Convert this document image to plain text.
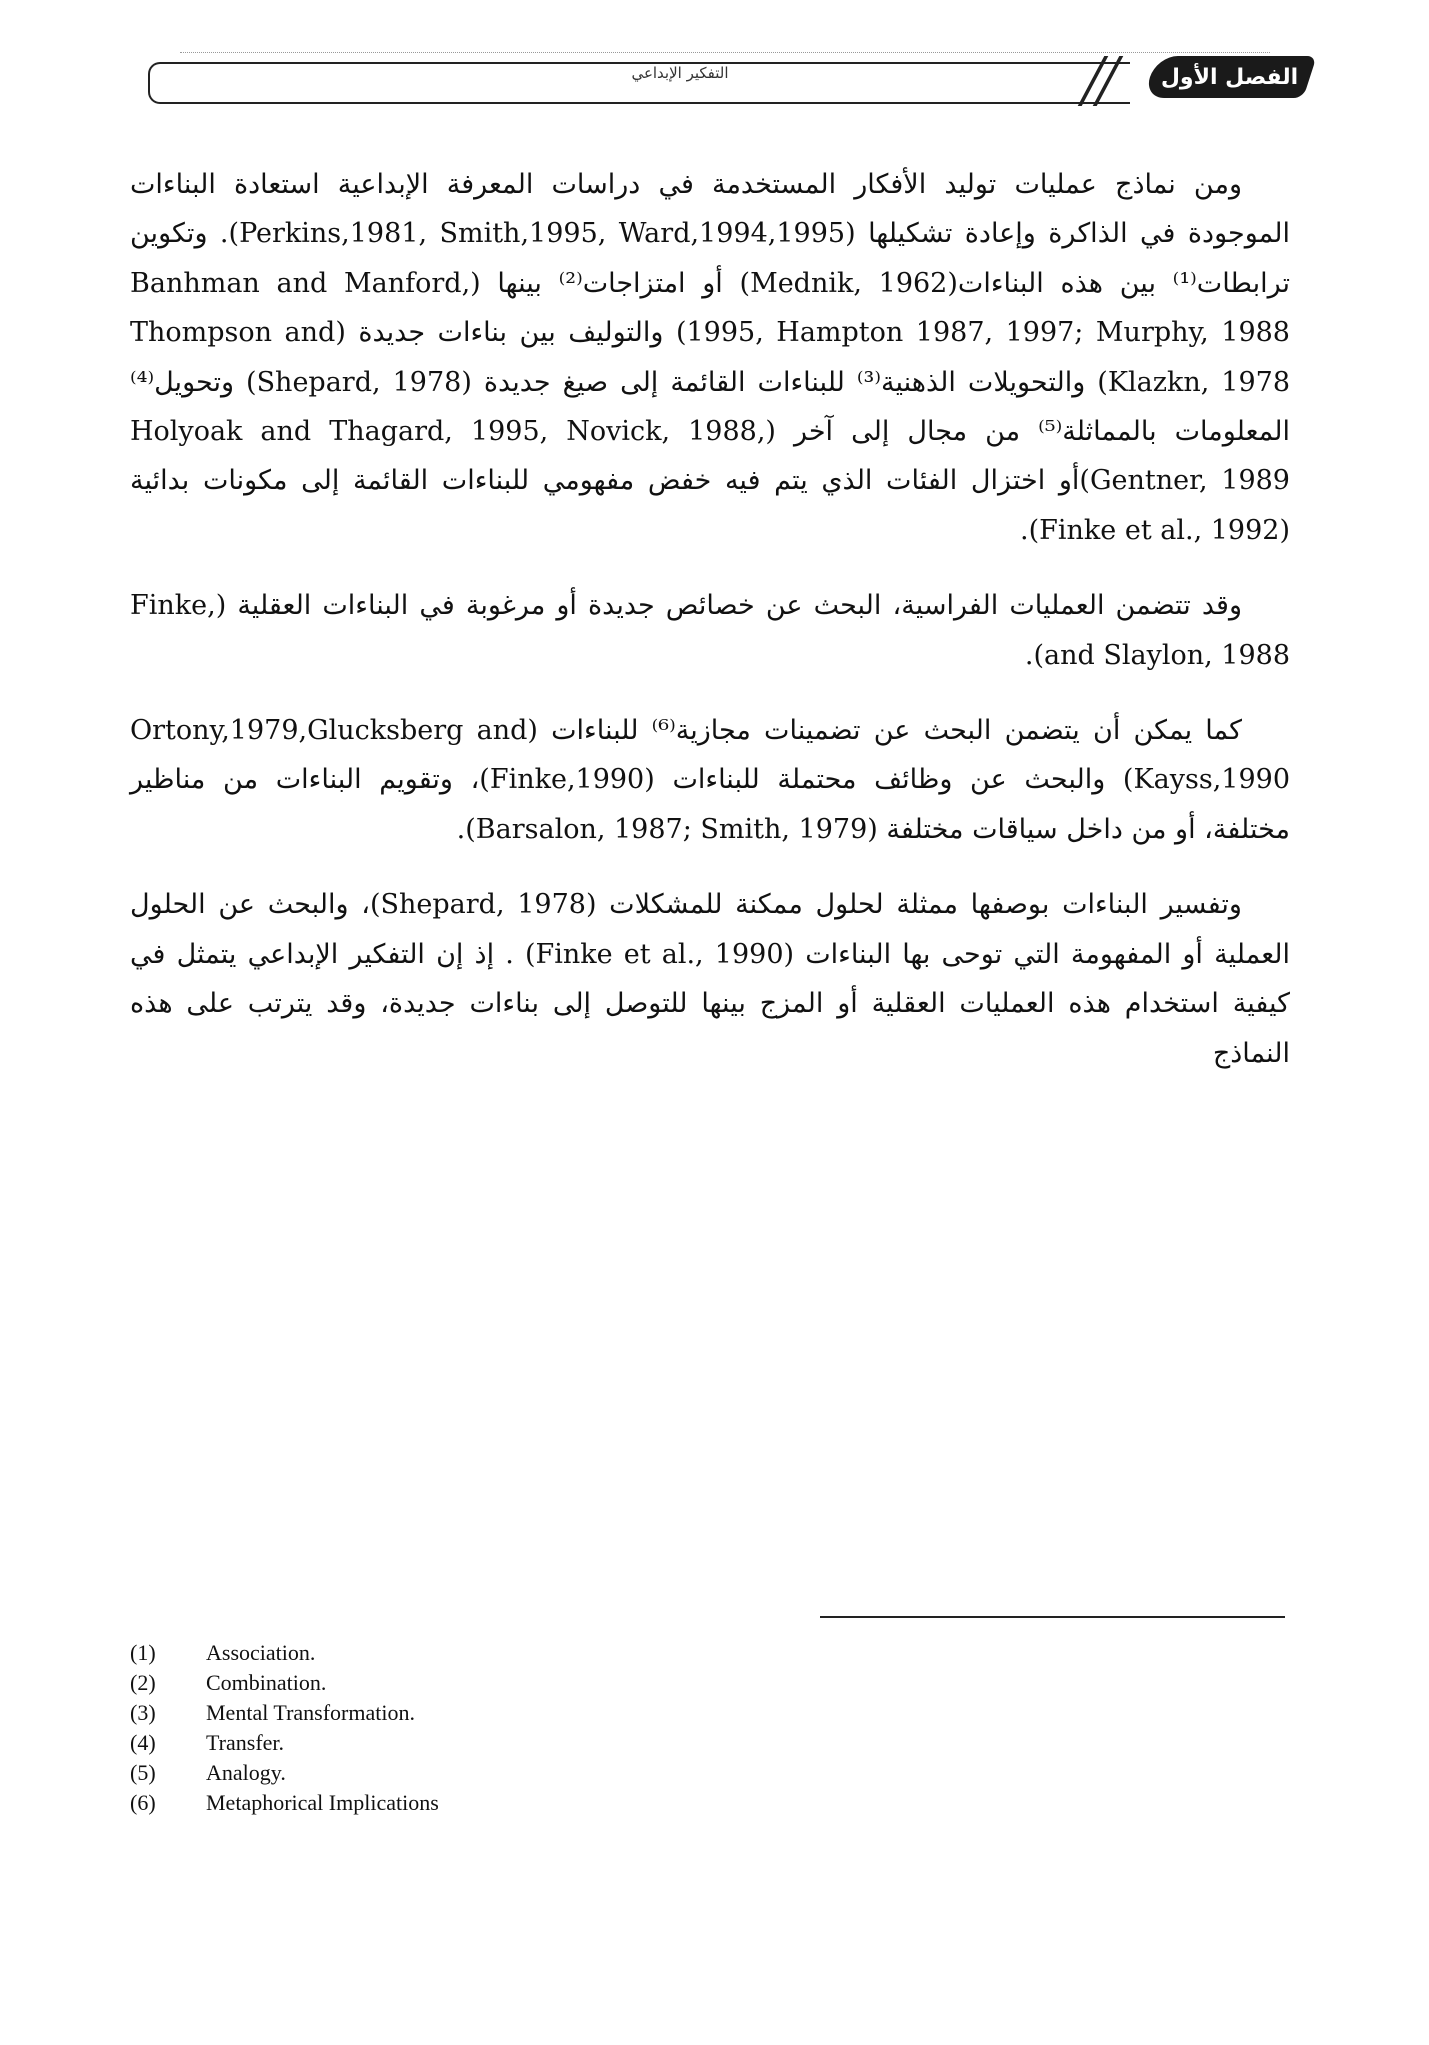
التفكير الإبداعي	الفصل الأول

ومن نماذج عمليات توليد الأفكار المستخدمة في دراسات المعرفة الإبداعية استعادة البناءات الموجودة في الذاكرة وإعادة تشكيلها (Perkins,1981, Smith,1995, Ward,1994,1995). وتكوين ترابطات⁽¹⁾ بين هذه البناءات(Mednik, 1962) أو امتزاجات⁽²⁾ بينها (Banhman and Manford, 1995, Hampton 1987, 1997; Murphy, 1988) والتوليف بين بناءات جديدة (Thompson and Klazkn, 1978) والتحويلات الذهنية⁽³⁾ للبناءات القائمة إلى صيغ جديدة (Shepard, 1978) وتحويل⁽⁴⁾ المعلومات بالمماثلة⁽⁵⁾ من مجال إلى آخر (Holyoak and Thagard, 1995, Novick, 1988, Gentner, 1989)أو اختزال الفئات الذي يتم فيه خفض مفهومي للبناءات القائمة إلى مكونات بدائية (Finke et al., 1992).

وقد تتضمن العمليات الفراسية، البحث عن خصائص جديدة أو مرغوبة في البناءات العقلية (Finke, and Slaylon, 1988).

كما يمكن أن يتضمن البحث عن تضمينات مجازية⁽⁶⁾ للبناءات (Ortony,1979,Glucksberg and Kayss,1990) والبحث عن وظائف محتملة للبناءات (Finke,1990)، وتقويم البناءات من مناظير مختلفة، أو من داخل سياقات مختلفة (Barsalon, 1987; Smith, 1979).

وتفسير البناءات بوصفها ممثلة لحلول ممكنة للمشكلات (Shepard, 1978)، والبحث عن الحلول العملية أو المفهومة التي توحى بها البناءات (Finke et al., 1990) . إذ إن التفكير الإبداعي يتمثل في كيفية استخدام هذه العمليات العقلية أو المزج بينها للتوصل إلى بناءات جديدة، وقد يترتب على هذه النماذج

(1)	Association.
(2)	Combination.
(3)	Mental Transformation.
(4)	Transfer.
(5)	Analogy.
(6)	Metaphorical Implications
